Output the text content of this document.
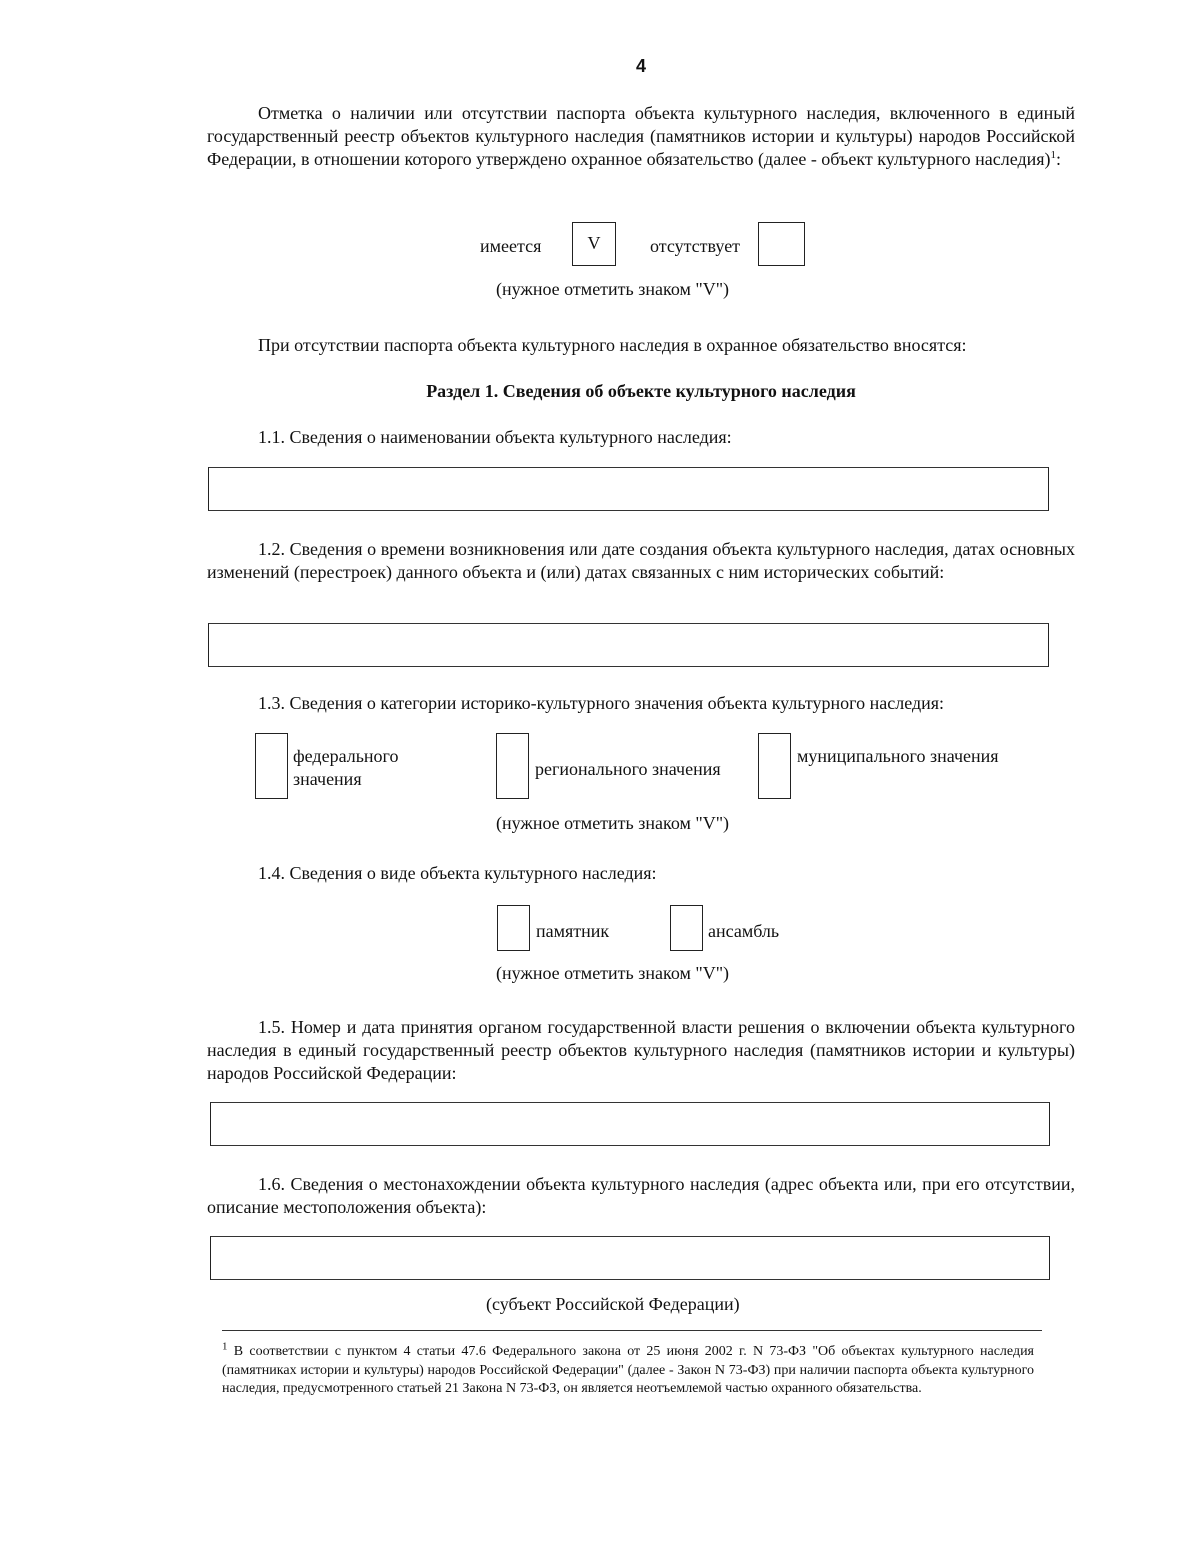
4
Отметка о наличии или отсутствии паспорта объекта культурного наследия, включенного в единый государственный реестр объектов культурного наследия (памятников истории и культуры) народов Российской Федерации, в отношении которого утверждено охранное обязательство (далее - объект культурного наследия)$^1$:
имеется	V	отсутствует
(нужное отметить знаком "V")
При отсутствии паспорта объекта культурного наследия в охранное обязательство вносятся:
Раздел 1. Сведения об объекте культурного наследия
1.1. Сведения о наименовании объекта культурного наследия:
1.2. Сведения о времени возникновения или дате создания объекта культурного наследия, датах основных изменений (перестроек) данного объекта и (или) датах связанных с ним исторических событий:
1.3. Сведения о категории историко-культурного значения объекта культурного наследия:
федерального значения	регионального значения
муниципального значения
(нужное отметить знаком "V")
1.4. Сведения о виде объекта культурного наследия:
памятник	ансамбль
(нужное отметить знаком "V")
1.5. Номер и дата принятия органом государственной власти решения о включении объекта культурного наследия в единый государственный реестр объектов культурного наследия (памятников истории и культуры) народов Российской Федерации:
1.6. Сведения о местонахождении объекта культурного наследия (адрес объекта или, при его отсутствии, описание местоположения объекта):
(субъект Российской Федерации)
$^1$ В соответствии с пунктом 4 статьи 47.6 Федерального закона от 25 июня 2002 г. N 73-ФЗ "Об объектах культурного наследия (памятниках истории и культуры) народов Российской Федерации" (далее - Закон N 73-ФЗ) при наличии паспорта объекта культурного наследия, предусмотренного статьей 21 Закона N 73-ФЗ, он является неотъемлемой частью охранного обязательства.
